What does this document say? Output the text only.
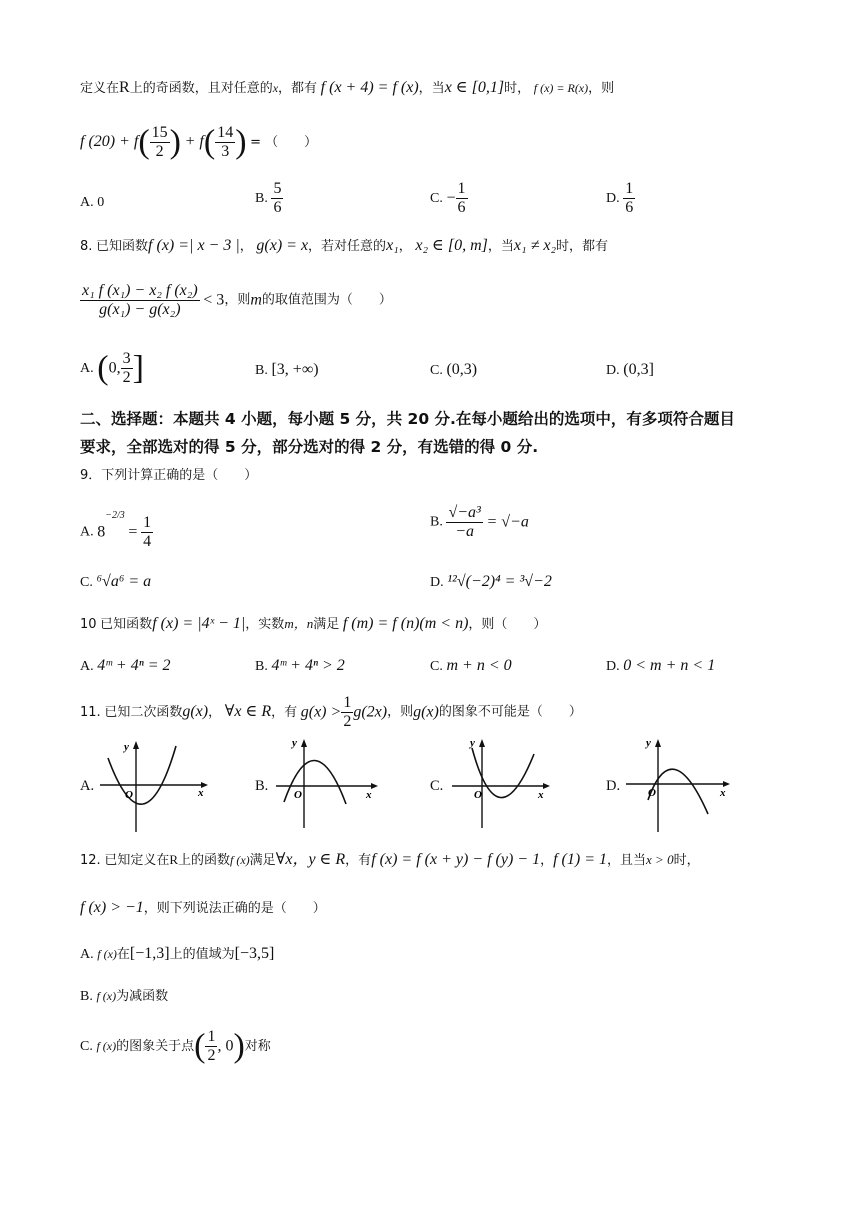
定义在R上的奇函数，且对任意的$^x$，都有 f (x + 4) = f (x)，当x ∈ [0,1]时， f (x) = R(x)，则
f $(20) + f( \frac{15}{2}$ ) + $f( \frac{14}{3}$ ) = （　　）
A. 0	B. $\frac{5}{6}$	C. − $\frac{1}{6}$	D. $\frac{1}{6}$
8. 已知函数f (x) =| x − 3 |， g(x) = x，若对任意的x₁， x₂ ∈ [0, m]，当x₁ ≠ x₂时，都有
$\frac{\text{x₁ f (x₁) − x₂ f (x₂)}}{\text{g(x₁) − g(x₂)}} < 3$，则m的取值范围为（　　）
A. (0, $\frac{3}{2}$ ]	B. [3, +∞)	C. (0,3)	D. (0,3]
二、选择题：本题共 4 小题，每小题 5 分，共 20 分.在每小题给出的选项中，有多项符合题目
要求，全部选对的得 5 分，部分选对的得 2 分，有选错的得 0 分.
9．下列计算正确的是（　　）
A. $8^{-2/3} = \frac{1}{4}$	B. $\frac{\text{√−a³}}{-a} = √-a$
C. ⁶√a⁶ = a	D. ¹²√(−2)⁴ = ³√−2
10 已知函数f (x) = |4ˣ − 1|，实数m，n满足 f (m) = f (n)(m < n)，则（　　）
A. 4ᵐ + 4ⁿ = 2	B. 4ᵐ + 4ⁿ > 2	C. m + n < 0	D. 0 < m + n < 1
11. 已知二次函数g(x)， ∀x ∈ R，有 $g(x) > \frac{1}{2} g(2x)$，则g(x)的图象不可能是（　　）
A.
y
O	x	B.
y
O	x
C.
y
O	x
D.
y
O	x
12. 已知定义在R上的函数f (x)满足∀x，y ∈ R，有f (x) = f (x + y) − f (y) − 1，f (1) = 1，且当x > 0时，
f (x) > −1，则下列说法正确的是（　　）
A. f (x)在[−1,3]上的值域为[−3,5]
B. f (x)为减函数
C. f (x)的图象关于点( $\frac{1}{2}$ , 0)对称
